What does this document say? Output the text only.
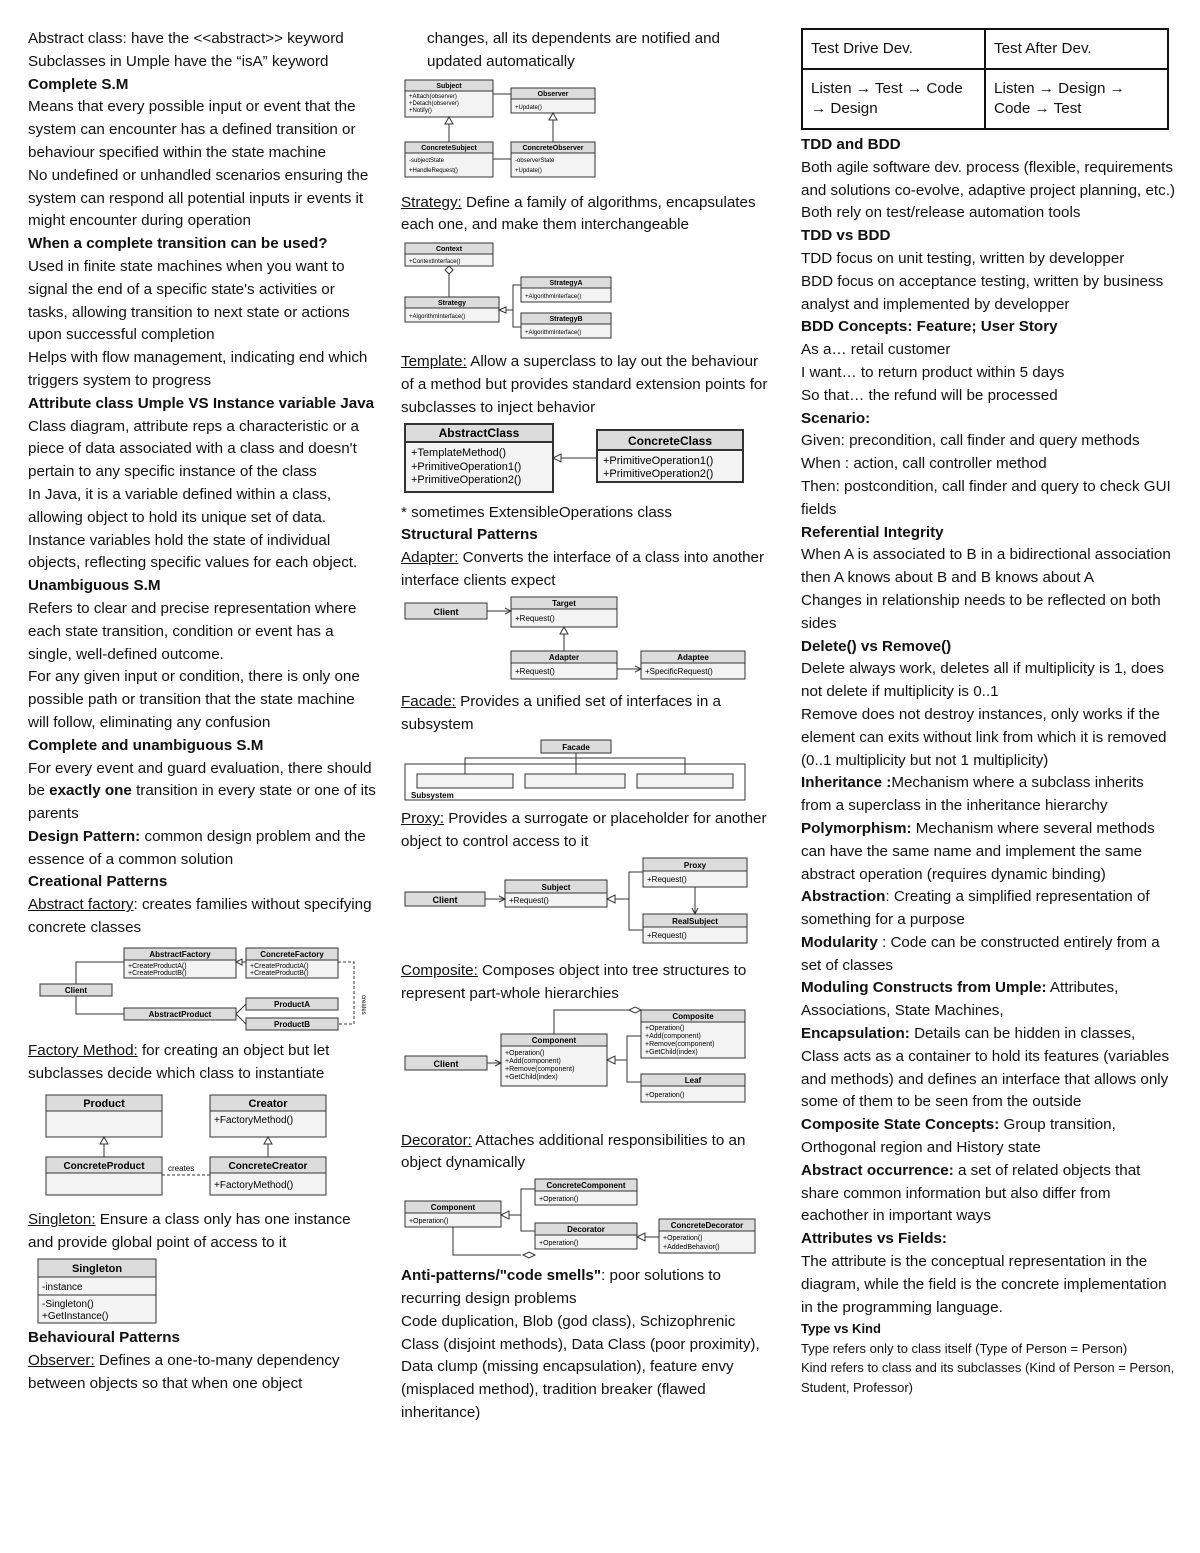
Abstract class: have the <<abstract>> keyword

Subclasses in Umple have the “isA” keyword

Complete S.M

Means that every possible input or event that the system can encounter has a defined transition or behaviour specified within the state machine

No undefined or unhandled scenarios ensuring the system can respond all potential inputs ir events it might encounter during operation

When a complete transition can be used?

Used in finite state machines when you want to signal the end of a specific state's activities or tasks, allowing transition to next state or actions upon successful completion

Helps with flow management, indicating end which triggers system to progress

Attribute class Umple VS Instance variable Java

Class diagram, attribute reps a characteristic or a piece of data associated with a class and doesn't pertain to any specific instance of the class

In Java, it is a variable defined within a class, allowing object to hold its unique set of data. Instance variables hold the state of individual objects, reflecting specific values for each object.

Unambiguous S.M

Refers to clear and precise representation where each state transition, condition or event has a single, well-defined outcome.

For any given input or condition, there is only one possible path or transition that the state machine will follow, eliminating any confusion

Complete and unambiguous S.M

For every event and guard evaluation, there should be exactly one transition in every state or one of its parents

Design Pattern: common design problem and the essence of a common solution

Creational Patterns

Abstract factory: creates families without specifying concrete classes

AbstractFactory
+CreateProductA() +CreateProductB()
ConcreteFactory
+CreateProductA() +CreateProductB()
Client
AbstractProduct
ProductA
ProductB
creates

Factory Method: for creating an object but let subclasses decide which class to instantiate

Product	Creator
+FactoryMethod()
ConcreteProduct	ConcreteCreator
+FactoryMethod()
creates

Singleton: Ensure a class only has one instance and provide global point of access to it

Singleton
-instance
-Singleton()
+GetInstance()

Behavioural Patterns

Observer: Defines a one-to-many dependency between objects so that when one object

changes, all its dependents are notified and updated automatically

Subject
+Attach(observer)
+Detach(observer)
+Notify()
Observer
+Update()
ConcreteSubject
-subjectState
+HandleRequest()
ConcreteObserver
-observerState
+Update()

Strategy: Define a family of algorithms, encapsulates each one, and make them interchangeable

Context
+ContextInterface()
Strategy
+AlgorithmInterface()
StrategyA
+AlgorithmInterface()
StrategyB
+AlgorithmInterface()

Template: Allow a superclass to lay out the behaviour of a method but provides standard extension points for subclasses to inject behavior

AbstractClass
+TemplateMethod()
+PrimitiveOperation1()
+PrimitiveOperation2()
ConcreteClass
+PrimitiveOperation1()
+PrimitiveOperation2()

* sometimes ExtensibleOperations class

Structural Patterns

Adapter: Converts the interface of a class into another interface clients expect

Client
Target
+Request()
Adapter
+Request()
Adaptee
+SpecificRequest()

Facade: Provides a unified set of interfaces in a subsystem

Facade
Subsystem

Proxy: Provides a surrogate or placeholder for another object to control access to it

Client
Subject
+Request()
Proxy
+Request()
RealSubject
+Request()

Composite: Composes object into tree structures to represent part-whole hierarchies

Client
Component
+Operation()
+Add(component)
+Remove(component)
+GetChild(index)
Composite
+Operation()
+Add(component)
+Remove(component)
+GetChild(index)
Leaf
+Operation()

Decorator: Attaches additional responsibilities to an object dynamically

Component
+Operation()
ConcreteComponent
+Operation()
Decorator
+Operation()
ConcreteDecorator
+Operation()
+AddedBehavior()

Anti-patterns/"code smells": poor solutions to recurring design problems

Code duplication, Blob (god class), Schizophrenic Class (disjoint methods), Data Class (poor proximity), Data clump (missing encapsulation), feature envy (misplaced method), tradition breaker (flawed inheritance)

Test Drive Dev.	Test After Dev.
Listen → Test → Code → Design	Listen → Design → Code → Test

TDD and BDD

Both agile software dev. process (flexible, requirements and solutions co-evolve, adaptive project planning, etc.)

Both rely on test/release automation tools

TDD vs BDD

TDD focus on unit testing, written by developper

BDD focus on acceptance testing, written by business analyst and implemented by developper

BDD Concepts: Feature; User Story

As a… retail customer

I want… to return product within 5 days

So that… the refund will be processed

Scenario:

Given: precondition, call finder and query methods

When : action, call controller method

Then: postcondition, call finder and query to check GUI fields

Referential Integrity

When A is associated to B in a bidirectional association then A knows about B and B knows about A

Changes in relationship needs to be reflected on both sides

Delete() vs Remove()

Delete always work, deletes all if multiplicity is 1, does not delete if multiplicity is 0..1

Remove does not destroy instances, only works if the element can exits without link from which it is removed (0..1 multiplicity but not 1 multiplicity)

Inheritance :Mechanism where a subclass inherits from a superclass in the inheritance hierarchy

Polymorphism: Mechanism where several methods can have the same name and implement the same abstract operation (requires dynamic binding)

Abstraction: Creating a simplified representation of something for a purpose

Modularity : Code can be constructed entirely from a set of classes

Moduling Constructs from Umple: Attributes, Associations, State Machines,

Encapsulation: Details can be hidden in classes, Class acts as a container to hold its features (variables and methods) and defines an interface that allows only some of them to be seen from the outside

Composite State Concepts: Group transition, Orthogonal region and History state

Abstract occurrence: a set of related objects that share common information but also differ from eachother in important ways

Attributes vs Fields:

The attribute is the conceptual representation in the diagram, while the field is the concrete implementation in the programming language.

Type vs Kind

Type refers only to class itself (Type of Person = Person)

Kind refers to class and its subclasses (Kind of Person = Person, Student, Professor)
